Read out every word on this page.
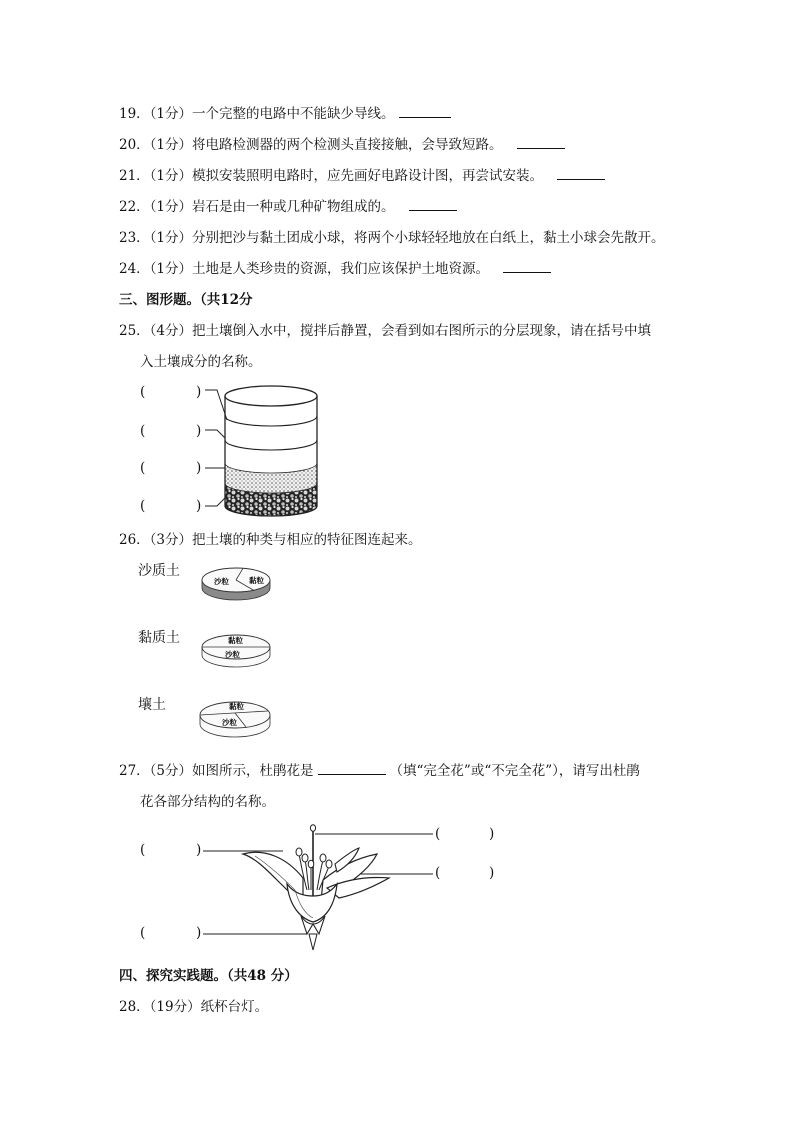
19．（1分）一个完整的电路中不能缺少导线。
20．（1分）将电路检测器的两个检测头直接接触，会导致短路。
21．（1分）模拟安装照明电路时，应先画好电路设计图，再尝试安装。
22．（1分）岩石是由一种或几种矿物组成的。
23．（1分）分别把沙与黏土团成小球，将两个小球轻轻地放在白纸上，黏土小球会先散开。
24．（1分）土地是人类珍贵的资源，我们应该保护土地资源。
三、图形题。（共12分
25．（4分）把土壤倒入水中，搅拌后静置，会看到如右图所示的分层现象，请在括号中填
入土壤成分的名称。
(	)
(	)
(	)
(	)
26．（3分）把土壤的种类与相应的特征图连起来。
沙质土
黏质土
壤土
沙粒	黏粒
黏粒
沙粒
黏粒
沙粒
27．（5分）如图所示，杜鹃花是	（填“完全花”或“不完全花”），请写出杜鹃
花各部分结构的名称。
(	)
(	)
(	)
(	)
四、探究实践题。（共48 分）
28．（19分）纸杯台灯。
